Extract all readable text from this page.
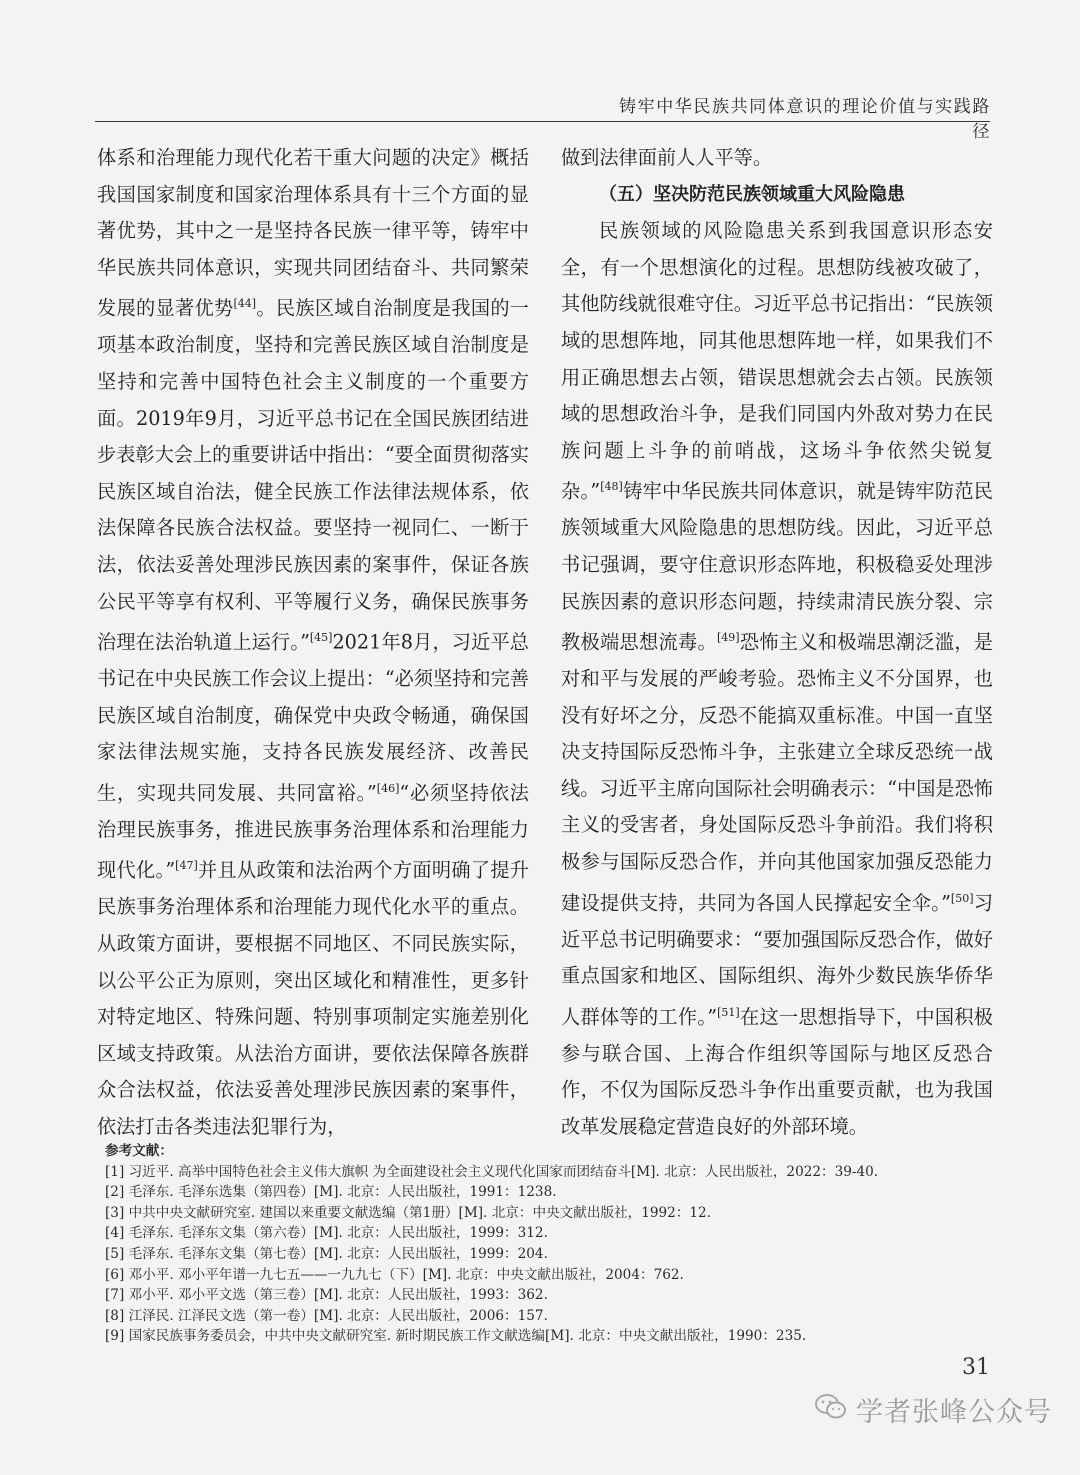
铸牢中华民族共同体意识的理论价值与实践路径

体系和治理能力现代化若干重大问题的决定》概括我国国家制度和国家治理体系具有十三个方面的显著优势，其中之一是坚持各民族一律平等，铸牢中华民族共同体意识，实现共同团结奋斗、共同繁荣发展的显著优势[44]。民族区域自治制度是我国的一项基本政治制度，坚持和完善民族区域自治制度是坚持和完善中国特色社会主义制度的一个重要方面。2019年9月，习近平总书记在全国民族团结进步表彰大会上的重要讲话中指出：“要全面贯彻落实民族区域自治法，健全民族工作法律法规体系，依法保障各民族合法权益。要坚持一视同仁、一断于法，依法妥善处理涉民族因素的案事件，保证各族公民平等享有权利、平等履行义务，确保民族事务治理在法治轨道上运行。”[45]2021年8月，习近平总书记在中央民族工作会议上提出：“必须坚持和完善民族区域自治制度，确保党中央政令畅通，确保国家法律法规实施，支持各民族发展经济、改善民生，实现共同发展、共同富裕。”[46]“必须坚持依法治理民族事务，推进民族事务治理体系和治理能力现代化。”[47]并且从政策和法治两个方面明确了提升民族事务治理体系和治理能力现代化水平的重点。从政策方面讲，要根据不同地区、不同民族实际，以公平公正为原则，突出区域化和精准性，更多针对特定地区、特殊问题、特别事项制定实施差别化区域支持政策。从法治方面讲，要依法保障各族群众合法权益，依法妥善处理涉民族因素的案事件，依法打击各类违法犯罪行为，

做到法律面前人人平等。

（五）坚决防范民族领域重大风险隐患

民族领域的风险隐患关系到我国意识形态安全，有一个思想演化的过程。思想防线被攻破了，其他防线就很难守住。习近平总书记指出：“民族领域的思想阵地，同其他思想阵地一样，如果我们不用正确思想去占领，错误思想就会去占领。民族领域的思想政治斗争，是我们同国内外敌对势力在民族问题上斗争的前哨战，这场斗争依然尖锐复杂。”[48]铸牢中华民族共同体意识，就是铸牢防范民族领域重大风险隐患的思想防线。因此，习近平总书记强调，要守住意识形态阵地，积极稳妥处理涉民族因素的意识形态问题，持续肃清民族分裂、宗教极端思想流毒。[49]恐怖主义和极端思潮泛滥，是对和平与发展的严峻考验。恐怖主义不分国界，也没有好坏之分，反恐不能搞双重标准。中国一直坚决支持国际反恐怖斗争，主张建立全球反恐统一战线。习近平主席向国际社会明确表示：“中国是恐怖主义的受害者，身处国际反恐斗争前沿。我们将积极参与国际反恐合作，并向其他国家加强反恐能力建设提供支持，共同为各国人民撑起安全伞。”[50]习近平总书记明确要求：“要加强国际反恐合作，做好重点国家和地区、国际组织、海外少数民族华侨华人群体等的工作。”[51]在这一思想指导下，中国积极参与联合国、上海合作组织等国际与地区反恐合作，不仅为国际反恐斗争作出重要贡献，也为我国改革发展稳定营造良好的外部环境。

参考文献：
[1] 习近平. 高举中国特色社会主义伟大旗帜 为全面建设社会主义现代化国家而团结奋斗[M]. 北京：人民出版社，2022：39-40.
[2] 毛泽东. 毛泽东选集（第四卷）[M]. 北京：人民出版社，1991：1238.
[3] 中共中央文献研究室. 建国以来重要文献选编（第1册）[M]. 北京：中央文献出版社，1992：12.
[4] 毛泽东. 毛泽东文集（第六卷）[M]. 北京：人民出版社，1999：312.
[5] 毛泽东. 毛泽东文集（第七卷）[M]. 北京：人民出版社，1999：204.
[6] 邓小平. 邓小平年谱一九七五——一九九七（下）[M]. 北京：中央文献出版社，2004：762.
[7] 邓小平. 邓小平文选（第三卷）[M]. 北京：人民出版社，1993：362.
[8] 江泽民. 江泽民文选（第一卷）[M]. 北京：人民出版社，2006：157.
[9] 国家民族事务委员会，中共中央文献研究室. 新时期民族工作文献选编[M]. 北京：中央文献出版社，1990：235.
31
学者张峰公众号
